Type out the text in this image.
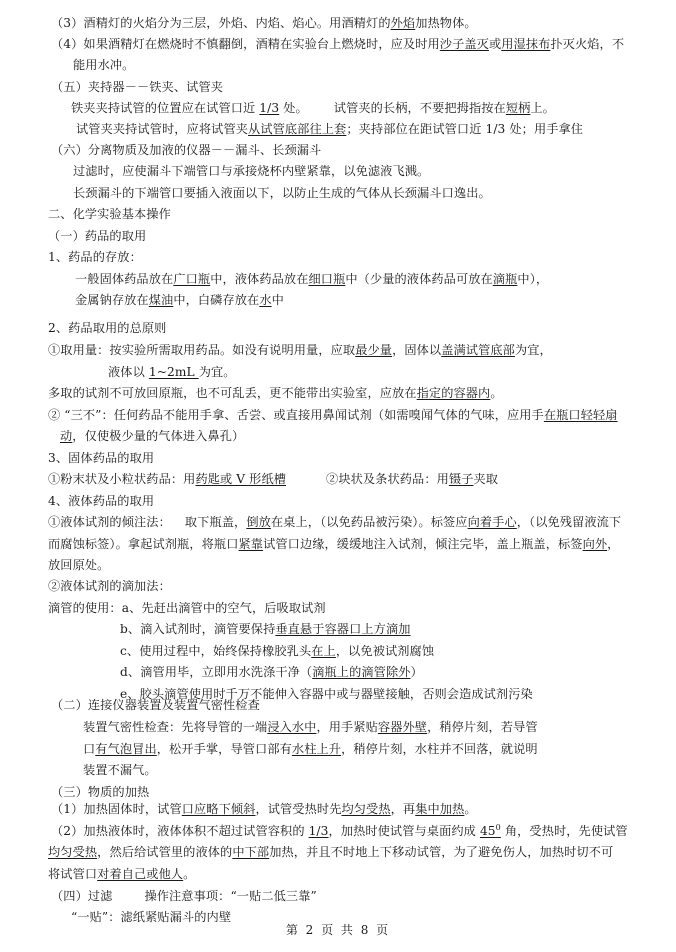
（3）酒精灯的火焰分为三层，外焰、内焰、焰心。用酒精灯的外焰加热物体。
（4）如果酒精灯在燃烧时不慎翻倒，酒精在实验台上燃烧时，应及时用沙子盖灭或用湿抹布扑灭火焰，不
能用水冲。
（五）夹持器－－铁夹、试管夹
铁夹夹持试管的位置应在试管口近 1/3 处。 试管夹的长柄，不要把拇指按在短柄上。
试管夹夹持试管时，应将试管夹从试管底部往上套；夹持部位在距试管口近 1/3 处；用手拿住
（六）分离物质及加液的仪器－－漏斗、长颈漏斗
过滤时，应使漏斗下端管口与承接烧杯内壁紧靠，以免滤液飞溅。
长颈漏斗的下端管口要插入液面以下，以防止生成的气体从长颈漏斗口逸出。
二、化学实验基本操作
（一）药品的取用
1、药品的存放：
一般固体药品放在广口瓶中，液体药品放在细口瓶中（少量的液体药品可放在滴瓶中），
金属钠存放在煤油中，白磷存放在水中
2、药品取用的总原则
①取用量：按实验所需取用药品。如没有说明用量，应取最少量，固体以盖满试管底部为宜，
液体以 1~2mL 为宜。
多取的试剂不可放回原瓶，也不可乱丢，更不能带出实验室，应放在指定的容器内。
② “三不”：任何药品不能用手拿、舌尝、或直接用鼻闻试剂（如需嗅闻气体的气味，应用手在瓶口轻轻扇
动，仅使极少量的气体进入鼻孔）
3、固体药品的取用
①粉末状及小粒状药品：用药匙或 V 形纸槽	②块状及条状药品：用镊子夹取
4、液体药品的取用
①液体试剂的倾注法： 取下瓶盖，倒放在桌上，（以免药品被污染）。标签应向着手心，（以免残留液流下
而腐蚀标签）。拿起试剂瓶，将瓶口紧靠试管口边缘，缓缓地注入试剂，倾注完毕，盖上瓶盖，标签向外，
放回原处。
②液体试剂的滴加法：
滴管的使用：a、先赶出滴管中的空气，后吸取试剂
b、滴入试剂时，滴管要保持垂直悬于容器口上方滴加
c、使用过程中，始终保持橡胶乳头在上，以免被试剂腐蚀
d、滴管用毕，立即用水洗涤干净（滴瓶上的滴管除外）
e、胶头滴管使用时千万不能伸入容器中或与器壁接触，否则会造成试剂污染
（二）连接仪器装置及装置气密性检查
装置气密性检查：先将导管的一端浸入水中，用手紧贴容器外壁，稍停片刻，若导管
口有气泡冒出，松开手掌，导管口部有水柱上升，稍停片刻，水柱并不回落，就说明
装置不漏气。
（三）物质的加热
（1）加热固体时，试管口应略下倾斜，试管受热时先均匀受热，再集中加热。
（2）加热液体时，液体体积不超过试管容积的 1/3，加热时使试管与桌面约成 $45^0$ 角，受热时，先使试管
均匀受热，然后给试管里的液体的中下部加热，并且不时地上下移动试管，为了避免伤人，加热时切不可
将试管口对着自己或他人。
（四）过滤	操作注意事项：“一贴二低三靠”
“一贴”：滤纸紧贴漏斗的内壁
第 2 页 共 8 页
